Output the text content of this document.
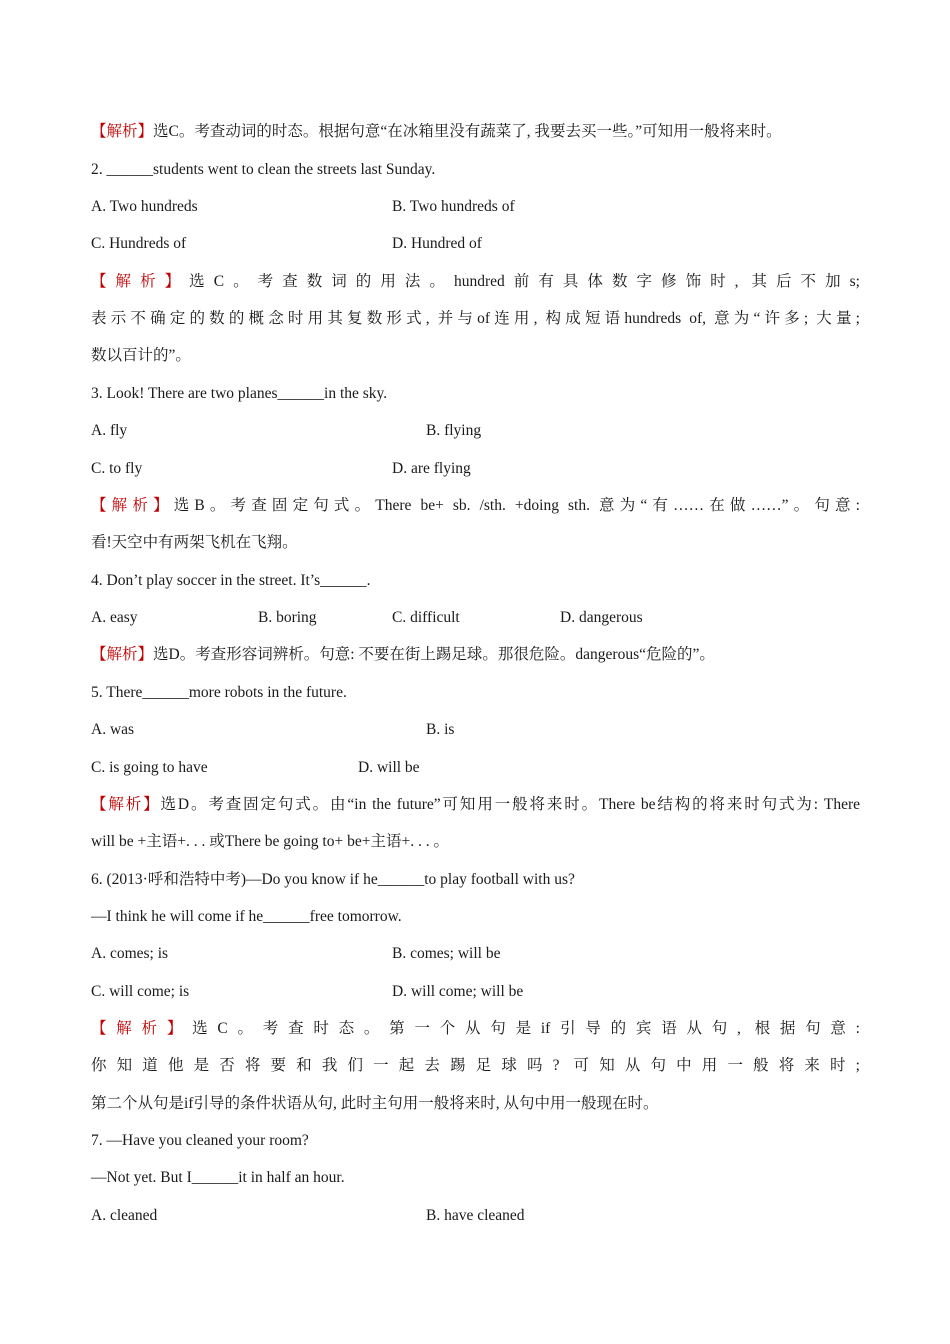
【解析】选C。考查动词的时态。根据句意“在冰箱里没有蔬菜了, 我要去买一些。”可知用一般将来时。
2. ______students went to clean the streets last Sunday.
A. Two hundreds	B. Two hundreds of
C. Hundreds of	D. Hundred of
【解析】选C。考查数词的用法。hundred前有具体数字修饰时, 其后不加s;
表示不确定的数的概念时用其复数形式, 并与of连用, 构成短语hundreds of, 意为“许多; 大量;
数以百计的”。
3. Look! There are two planes______in the sky.
A. fly	B. flying
C. to fly	D. are flying
【解析】选B。考查固定句式。There be+ sb. /sth. +doing sth. 意为“有……在做……”。句意:
看!天空中有两架飞机在飞翔。
4. Don’t play soccer in the street. It’s______.
A. easy	B. boring	C. difficult	D. dangerous
【解析】选D。考查形容词辨析。句意: 不要在街上踢足球。那很危险。dangerous“危险的”。
5. There______more robots in the future.
A. was	B. is
C. is going to have	D. will be
【解析】选D。考查固定句式。由“in the future”可知用一般将来时。There be结构的将来时句式为: There
will be +主语+. . . 或There be going to+ be+主语+. . . 。
6. (2013·呼和浩特中考)—Do you know if he______to play football with us?
—I think he will come if he______free tomorrow.
A. comes; is	B. comes; will be
C. will come; is	D. will come; will be
【解析】选C。考查时态。第一个从句是if引导的宾语从句, 根据句意:
你知道他是否将要和我们一起去踢足球吗? 可知从句中用一般将来时;
第二个从句是if引导的条件状语从句, 此时主句用一般将来时, 从句中用一般现在时。
7. —Have you cleaned your room?
—Not yet. But I______it in half an hour.
A. cleaned	B. have cleaned
